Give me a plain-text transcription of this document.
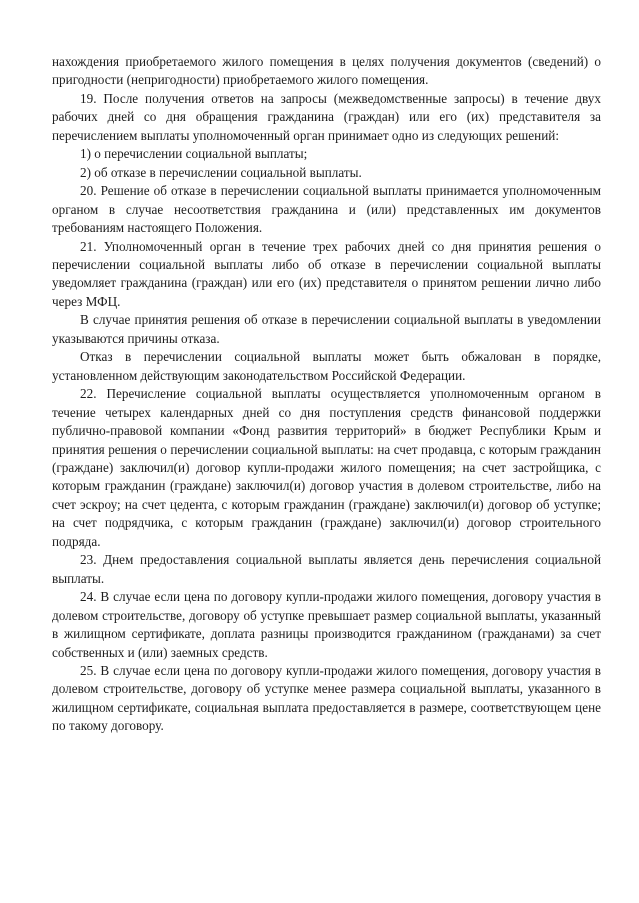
нахождения приобретаемого жилого помещения в целях получения документов (сведений) о пригодности (непригодности) приобретаемого жилого помещения.

19. После получения ответов на запросы (межведомственные запросы) в течение двух рабочих дней со дня обращения гражданина (граждан) или его (их) представителя за перечислением выплаты уполномоченный орган принимает одно из следующих решений:

1) о перечислении социальной выплаты;

2) об отказе в перечислении социальной выплаты.

20. Решение об отказе в перечислении социальной выплаты принимается уполномоченным органом в случае несоответствия гражданина и (или) представленных им документов требованиям настоящего Положения.

21. Уполномоченный орган в течение трех рабочих дней со дня принятия решения о перечислении социальной выплаты либо об отказе в перечислении социальной выплаты уведомляет гражданина (граждан) или его (их) представителя о принятом решении лично либо через МФЦ.

В случае принятия решения об отказе в перечислении социальной выплаты в уведомлении указываются причины отказа.

Отказ в перечислении социальной выплаты может быть обжалован в порядке, установленном действующим законодательством Российской Федерации.

22. Перечисление социальной выплаты осуществляется уполномоченным органом в течение четырех календарных дней со дня поступления средств финансовой поддержки публично-правовой компании «Фонд развития территорий» в бюджет Республики Крым и принятия решения о перечислении социальной выплаты: на счет продавца, с которым гражданин (граждане) заключил(и) договор купли-продажи жилого помещения; на счет застройщика, с которым гражданин (граждане) заключил(и) договор участия в долевом строительстве, либо на счет эскроу; на счет цедента, с которым гражданин (граждане) заключил(и) договор об уступке; на счет подрядчика, с которым гражданин (граждане) заключил(и) договор строительного подряда.

23. Днем предоставления социальной выплаты является день перечисления социальной выплаты.

24. В случае если цена по договору купли-продажи жилого помещения, договору участия в долевом строительстве, договору об уступке превышает размер социальной выплаты, указанный в жилищном сертификате, доплата разницы производится гражданином (гражданами) за счет собственных и (или) заемных средств.

25. В случае если цена по договору купли-продажи жилого помещения, договору участия в долевом строительстве, договору об уступке менее размера социальной выплаты, указанного в жилищном сертификате, социальная выплата предоставляется в размере, соответствующем цене по такому договору.
